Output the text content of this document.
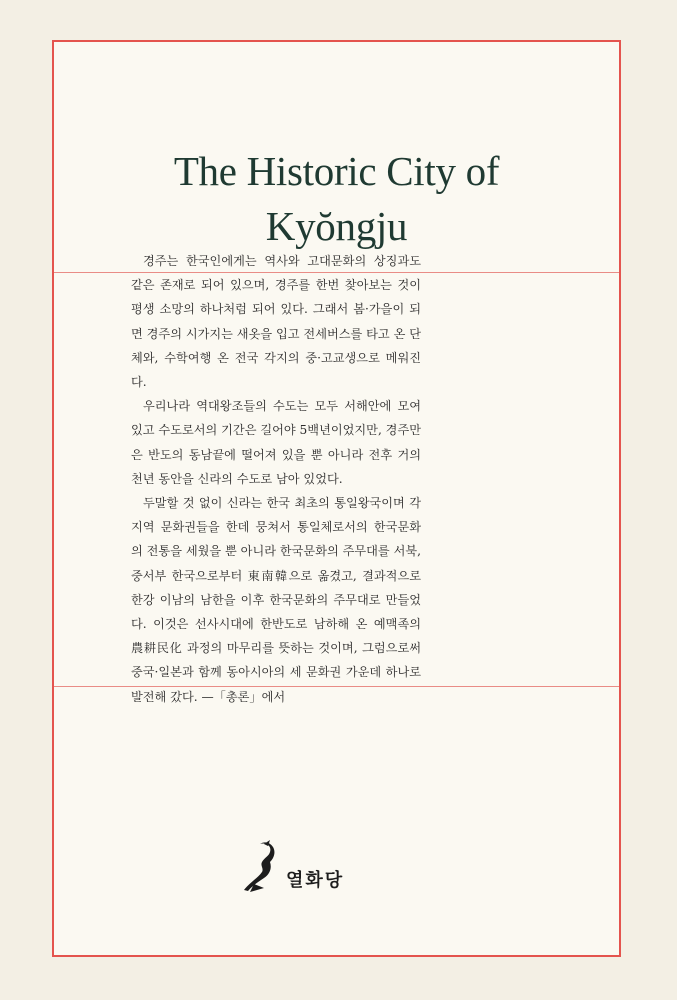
The Historic City of
Kyŏngju

경주는 한국인에게는 역사와 고대문화의 상징과도 같은 존재로 되어 있으며, 경주를 한번 찾아보는 것이 평생 소망의 하나처럼 되어 있다. 그래서 봄·가을이 되면 경주의 시가지는 새옷을 입고 전세버스를 타고 온 단체와, 수학여행 온 전국 각지의 중·고교생으로 메워진다.

우리나라 역대왕조들의 수도는 모두 서해안에 모여 있고 수도로서의 기간은 길어야 5백년이었지만, 경주만은 반도의 동남끝에 떨어져 있을 뿐 아니라 전후 거의 천년 동안을 신라의 수도로 남아 있었다.

두말할 것 없이 신라는 한국 최초의 통일왕국이며 각지역 문화권들을 한데 뭉쳐서 통일체로서의 한국문화의 전통을 세웠을 뿐 아니라 한국문화의 주무대를 서북, 중서부 한국으로부터 東南韓으로 옮겼고, 결과적으로 한강 이남의 남한을 이후 한국문화의 주무대로 만들었다. 이것은 선사시대에 한반도로 남하해 온 예맥족의 農耕民化 과정의 마무리를 뜻하는 것이며, 그럼으로써 중국·일본과 함께 동아시아의 세 문화권 가운데 하나로 발전해 갔다. —「총론」에서

열화당
